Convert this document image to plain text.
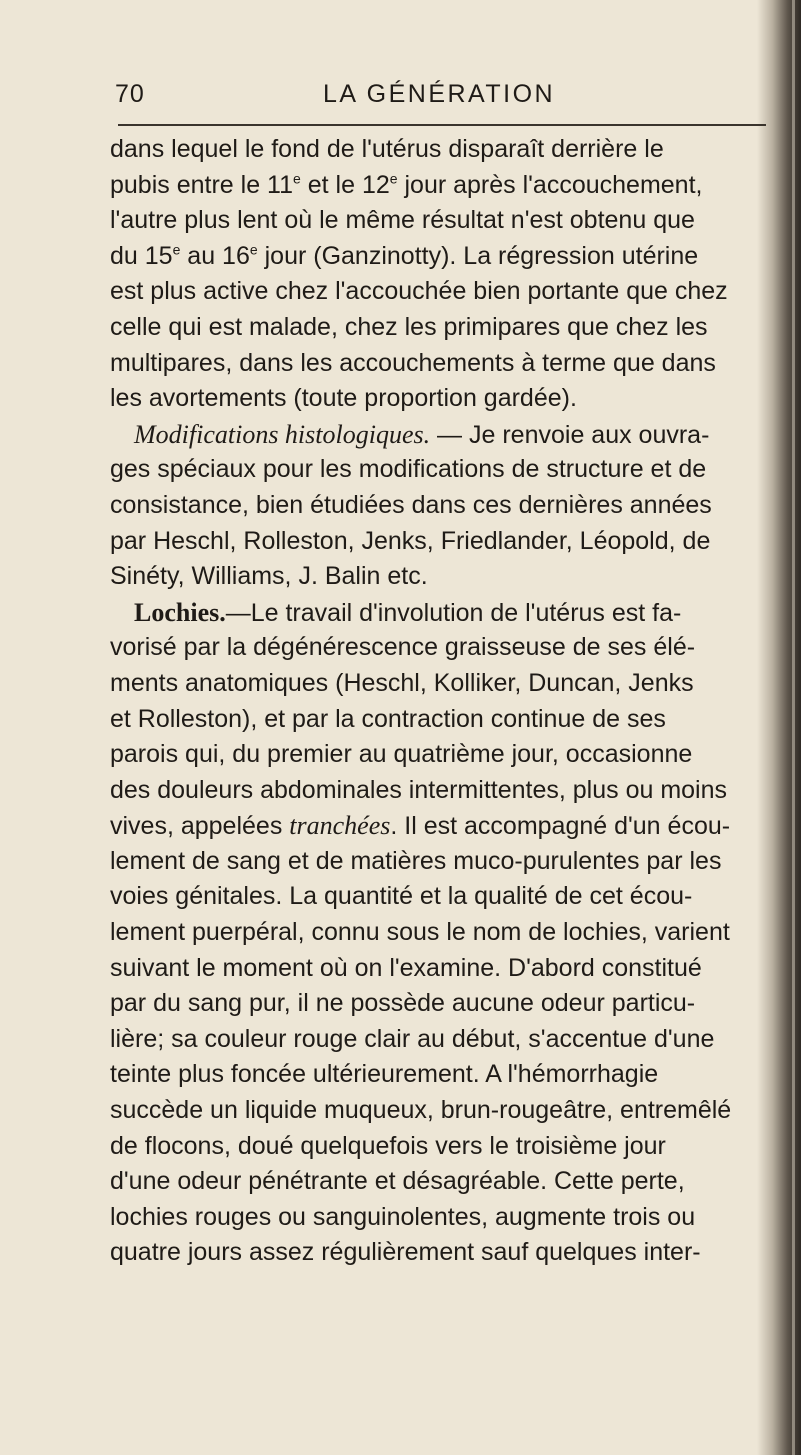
70	LA GÉNÉRATION
dans lequel le fond de l'utérus disparaît derrière le
pubis entre le 11e et le 12e jour après l'accouchement,
l'autre plus lent où le même résultat n'est obtenu que
du 15e au 16e jour (Ganzinotty). La régression utérine
est plus active chez l'accouchée bien portante que chez
celle qui est malade, chez les primipares que chez les
multipares, dans les accouchements à terme que dans
les avortements (toute proportion gardée).
Modifications histologiques. — Je renvoie aux ouvra-
ges spéciaux pour les modifications de structure et de
consistance, bien étudiées dans ces dernières années
par Heschl, Rolleston, Jenks, Friedlander, Léopold, de
Sinéty, Williams, J. Balin etc.
Lochies.—Le travail d'involution de l'utérus est fa-
vorisé par la dégénérescence graisseuse de ses élé-
ments anatomiques (Heschl, Kolliker, Duncan, Jenks
et Rolleston), et par la contraction continue de ses
parois qui, du premier au quatrième jour, occasionne
des douleurs abdominales intermittentes, plus ou moins
vives, appelées tranchées. Il est accompagné d'un écou-
lement de sang et de matières muco-purulentes par les
voies génitales. La quantité et la qualité de cet écou-
lement puerpéral, connu sous le nom de lochies, varient
suivant le moment où on l'examine. D'abord constitué
par du sang pur, il ne possède aucune odeur particu-
lière; sa couleur rouge clair au début, s'accentue d'une
teinte plus foncée ultérieurement. A l'hémorrhagie
succède un liquide muqueux, brun-rougeâtre, entremêlé
de flocons, doué quelquefois vers le troisième jour
d'une odeur pénétrante et désagréable. Cette perte,
lochies rouges ou sanguinolentes, augmente trois ou
quatre jours assez régulièrement sauf quelques inter-
